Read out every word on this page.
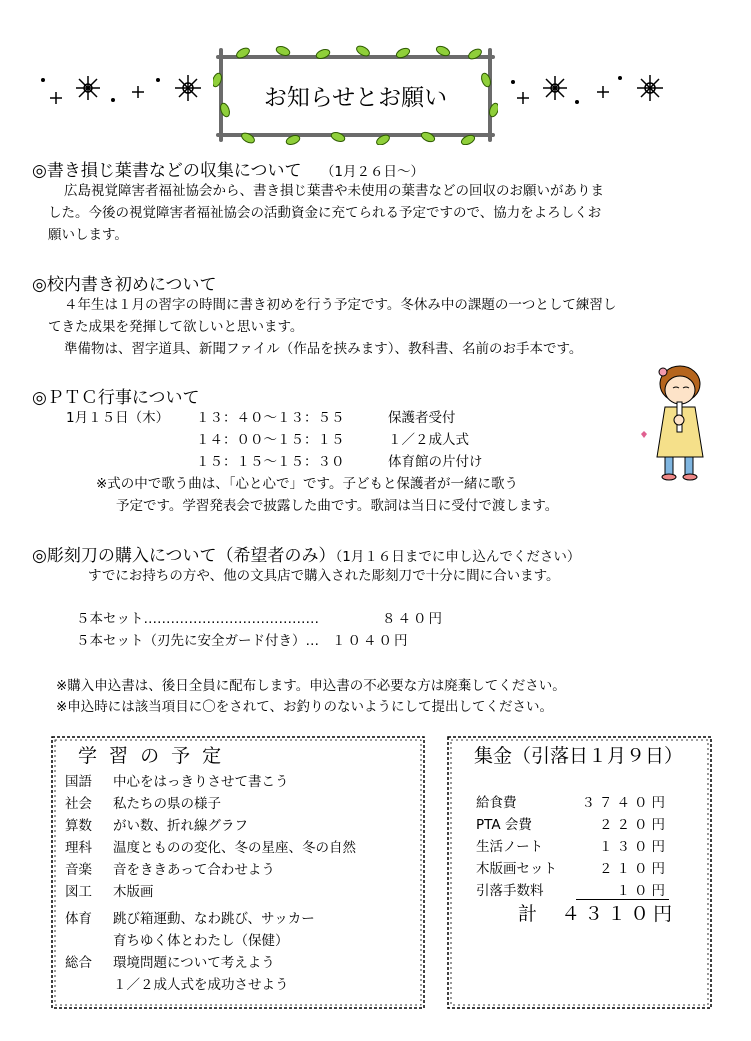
お知らせとお願い
◎書き損じ葉書などの収集について （1月２６日～）
広島視覚障害者福祉協会から、書き損じ葉書や未使用の葉書などの回収のお願いがありま
した。今後の視覚障害者福祉協会の活動資金に充てられる予定ですので、協力をよろしくお
願いします。
◎校内書き初めについて
４年生は１月の習字の時間に書き初めを行う予定です。冬休み中の課題の一つとして練習し
てきた成果を発揮して欲しいと思います。
準備物は、習字道具、新聞ファイル（作品を挟みます）、教科書、名前のお手本です。
◎ＰＴＣ行事について
1月１５日（木） １３：４０～１３：５５	保護者受付
１４：００～１５：１５	１／２成人式
１５：１５～１５：３０	体育館の片付け
※式の中で歌う曲は、「心と心で」です。子どもと保護者が一緒に歌う
予定です。学習発表会で披露した曲です。歌詞は当日に受付で渡します。
◎彫刻刀の購入について（希望者のみ）（1月１６日までに申し込んでください）
すでにお持ちの方や、他の文具店で購入された彫刻刀で十分に間に合います。
５本セット…………………………………	８４０円
５本セット（刃先に安全ガード付き）… １０４０円
※購入申込書は、後日全員に配布します。申込書の不必要な方は廃棄してください。
※申込時には該当項目に〇をされて、お釣りのないようにして提出してください。
学 習 の 予 定
国語 中心をはっきりさせて書こう
社会 私たちの県の様子
算数 がい数、折れ線グラフ
理科 温度とものの変化、冬の星座、冬の自然
音楽 音をききあって合わせよう
図工 木版画
体育 跳び箱運動、なわ跳び、サッカー
育ちゆく体とわたし（保健）
総合 環境問題について考えよう
１／２成人式を成功させよう
集金（引落日１月９日）
給食費	３７４０円
PTA 会費	２２０円
生活ノート	１３０円
木版画セット	２１０円
引落手数料	１０円
計 ４３１０円
